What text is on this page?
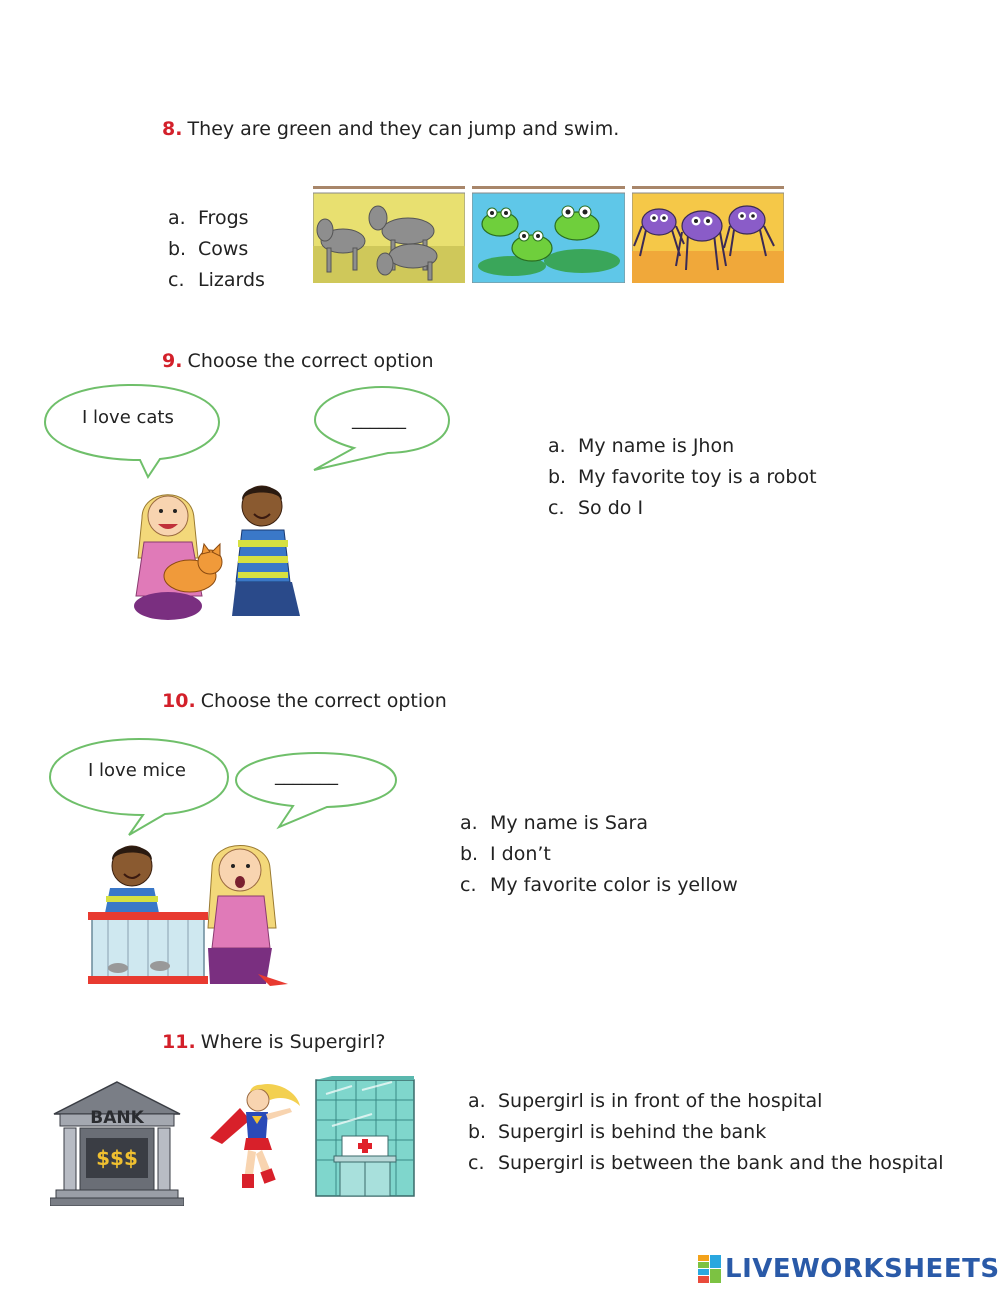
8. They are green and they can jump and swim.
a. Frogs
b. Cows
c. Lizards
9. Choose the correct option
I love cats	______
a. My name is Jhon
b. My favorite toy is a robot
c. So do I
10. Choose the correct option
I love mice	_______
a. My name is Sara
b. I don’t
c. My favorite color is yellow
11. Where is Supergirl?
BANK
$$$
a. Supergirl is in front of the hospital
b. Supergirl is behind the bank
c. Supergirl is between the bank and the hospital
LIVEWORKSHEETS
